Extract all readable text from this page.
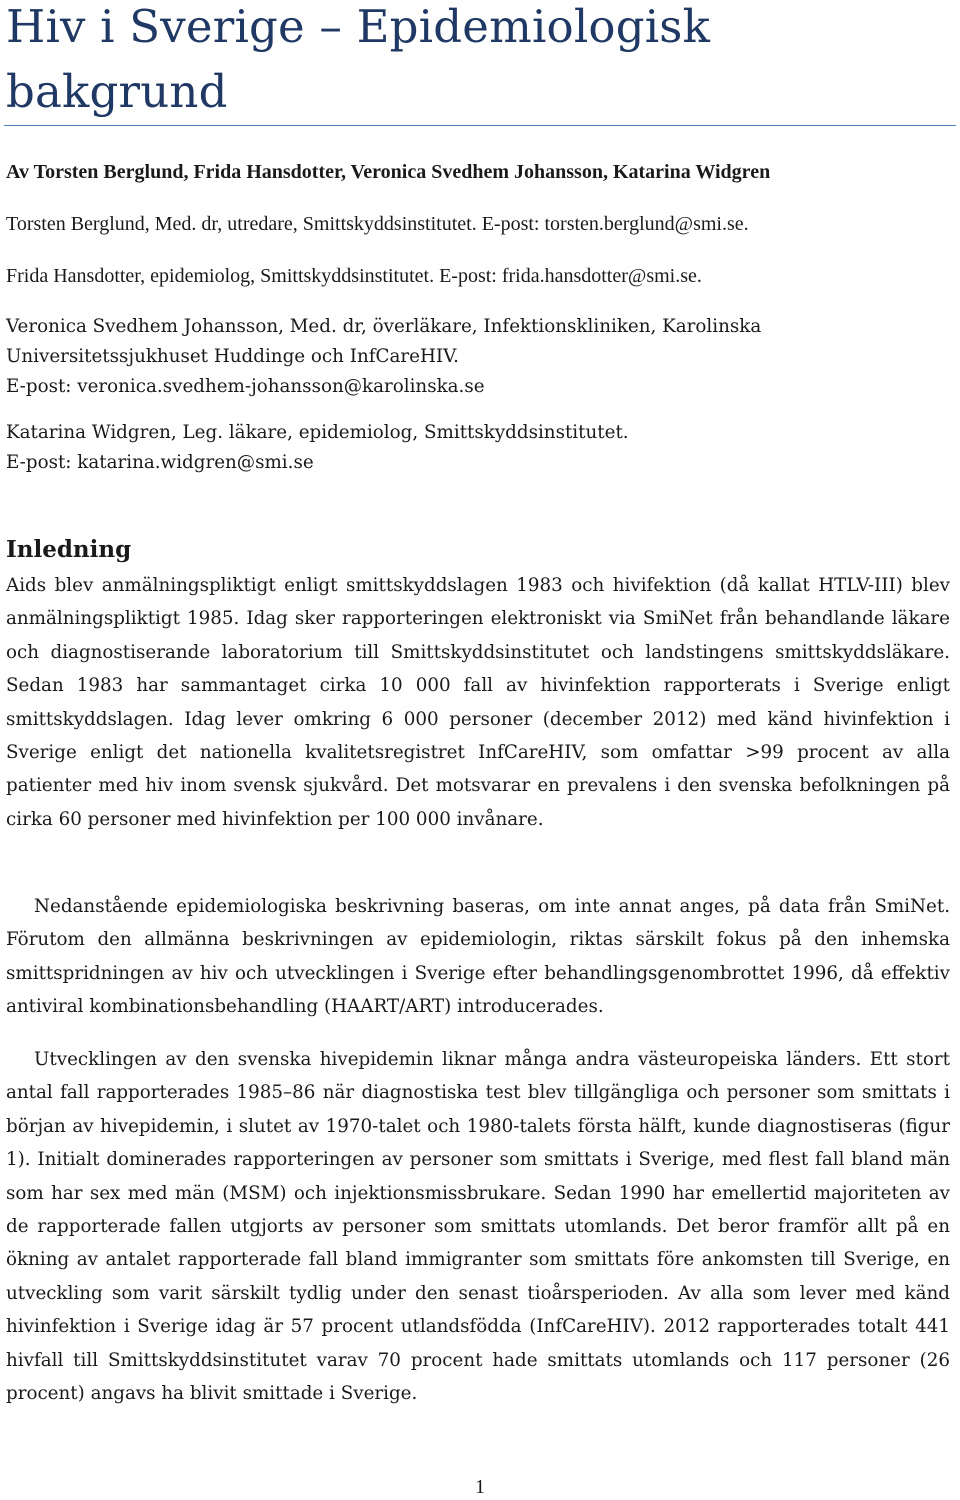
Hiv i Sverige – Epidemiologisk bakgrund

Av Torsten Berglund, Frida Hansdotter, Veronica Svedhem Johansson, Katarina Widgren

Torsten Berglund, Med. dr, utredare, Smittskyddsinstitutet. E-post: torsten.berglund@smi.se.

Frida Hansdotter, epidemiolog, Smittskyddsinstitutet. E-post: frida.hansdotter@smi.se.

Veronica Svedhem Johansson, Med. dr, överläkare, Infektionskliniken, Karolinska

Universitetssjukhuset Huddinge och InfCareHIV.

E-post: veronica.svedhem-johansson@karolinska.se

Katarina Widgren, Leg. läkare, epidemiolog, Smittskyddsinstitutet.

E-post: katarina.widgren@smi.se

Inledning

Aids blev anmälningspliktigt enligt smittskyddslagen 1983 och hivifektion (då kallat HTLV-III) blev anmälningspliktigt 1985. Idag sker rapporteringen elektroniskt via SmiNet från behandlande läkare och diagnostiserande laboratorium till Smittskyddsinstitutet och landstingens smittskyddsläkare. Sedan 1983 har sammantaget cirka 10 000 fall av hivinfektion rapporterats i Sverige enligt smittskyddslagen. Idag lever omkring 6 000 personer (december 2012) med känd hivinfektion i Sverige enligt det nationella kvalitetsregistret InfCareHIV, som omfattar >99 procent av alla patienter med hiv inom svensk sjukvård. Det motsvarar en prevalens i den svenska befolkningen på cirka 60 personer med hivinfektion per 100 000 invånare.

Nedanstående epidemiologiska beskrivning baseras, om inte annat anges, på data från SmiNet. Förutom den allmänna beskrivningen av epidemiologin, riktas särskilt fokus på den inhemska smittspridningen av hiv och utvecklingen i Sverige efter behandlingsgenombrottet 1996, då effektiv antiviral kombinationsbehandling (HAART/ART) introducerades.

Utvecklingen av den svenska hivepidemin liknar många andra västeuropeiska länders. Ett stort antal fall rapporterades 1985–86 när diagnostiska test blev tillgängliga och personer som smittats i början av hivepidemin, i slutet av 1970-talet och 1980-talets första hälft, kunde diagnostiseras (figur 1). Initialt dominerades rapporteringen av personer som smittats i Sverige, med flest fall bland män som har sex med män (MSM) och injektionsmissbrukare. Sedan 1990 har emellertid majoriteten av de rapporterade fallen utgjorts av personer som smittats utomlands. Det beror framför allt på en ökning av antalet rapporterade fall bland immigranter som smittats före ankomsten till Sverige, en utveckling som varit särskilt tydlig under den senast tioårsperioden. Av alla som lever med känd hivinfektion i Sverige idag är 57 procent utlandsfödda (InfCareHIV). 2012 rapporterades totalt 441 hivfall till Smittskyddsinstitutet varav 70 procent hade smittats utomlands och 117 personer (26 procent) angavs ha blivit smittade i Sverige.

1
